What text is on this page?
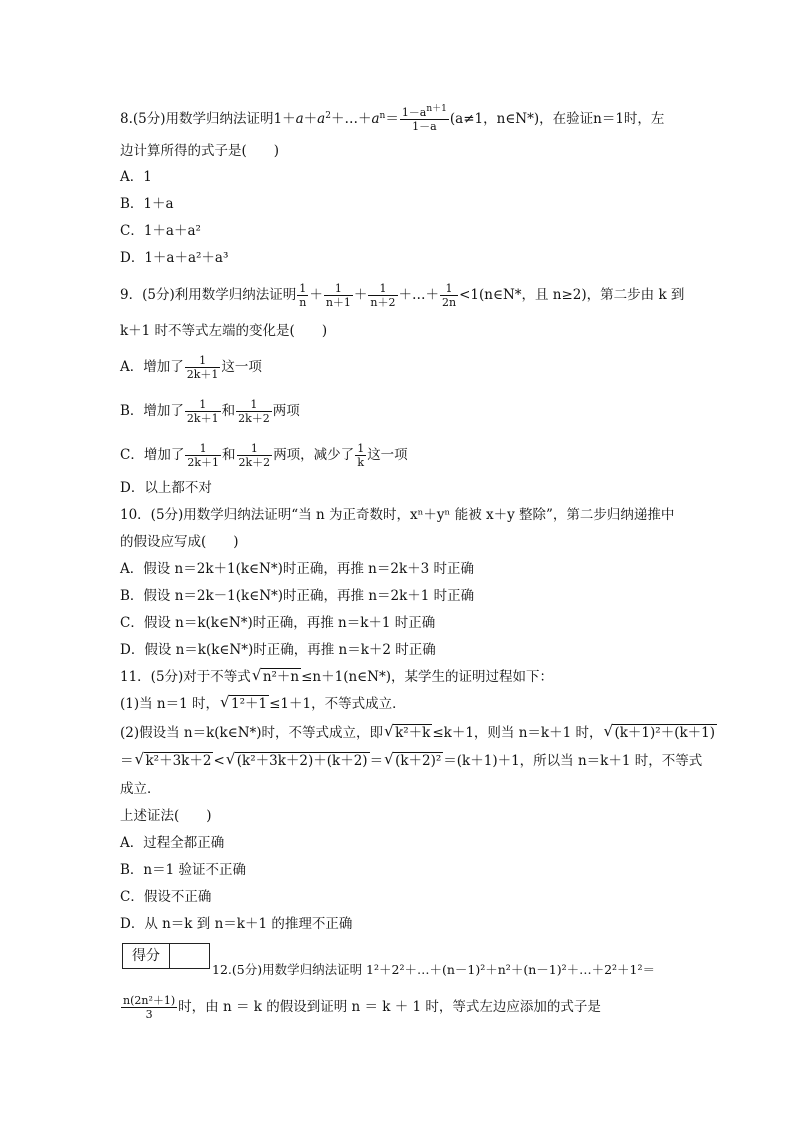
8.(5分)用数学归纳法证明$1+a+a^2+\dots+a^n= \frac{1-a^{n+1}}{1-a} (a\ne 1$，n∈N*)，在验证n＝1时，左
边计算所得的式子是(　　)
A．1
B．1＋a
C．1＋a＋a²
D．1＋a＋a²＋a³
9．(5分)利用数学归纳法证明 $\frac{1}{n} + \frac{1}{n+1} + \frac{1}{n+2}$ ＋…＋ $\frac{1}{2n}$ <1(n∈N*，且 n≥2)，第二步由 k 到
k＋1 时不等式左端的变化是(　　)
A．增加了 $\frac{1}{2k+1}$ 这一项
B．增加了 $\frac{1}{2k+1}$ 和 $\frac{1}{2k+2}$ 两项
C．增加了 $\frac{1}{2k+1}$ 和 $\frac{1}{2k+2}$ 两项，减少了 $\frac{1}{k}$ 这一项
D．以上都不对
10．(5分)用数学归纳法证明“当 n 为正奇数时，xⁿ＋yⁿ 能被 x＋y 整除”，第二步归纳递推中
的假设应写成(　　)
A．假设 n＝2k＋1(k∈N*)时正确，再推 n＝2k＋3 时正确
B．假设 n＝2k－1(k∈N*)时正确，再推 n＝2k＋1 时正确
C．假设 n＝k(k∈N*)时正确，再推 n＝k＋1 时正确
D．假设 n＝k(k∈N*)时正确，再推 n＝k＋2 时正确
11．(5分)对于不等式 √ n²＋n ≤n＋1(n∈N*)，某学生的证明过程如下：
(1)当 n＝1 时， √ 1²＋1 ≤1＋1，不等式成立．
(2)假设当 n＝k(k∈N*)时，不等式成立，即 √ k²＋k ≤k＋1，则当 n＝k＋1 时， √ (k＋1)²＋(k＋1)
＝ √ k²＋3k＋2 < √ (k²＋3k＋2)＋(k＋2) ＝ √ (k＋2)² ＝(k＋1)＋1，所以当 n＝k＋1 时，不等式
成立．
上述证法(　　)
A．过程全都正确
B．n＝1 验证不正确
C．假设不正确
D．从 n＝k 到 n＝k＋1 的推理不正确
12.(5分)用数学归纳法证明 1²＋2²＋…＋(n－1)²＋n²＋(n－1)²＋…＋2²＋1²＝
$\frac{\text{n(2n²＋1)}}{3}$ 时，由 n ＝ k 的假设到证明 n ＝ k ＋ 1 时，等式左边应添加的式子是
得分
